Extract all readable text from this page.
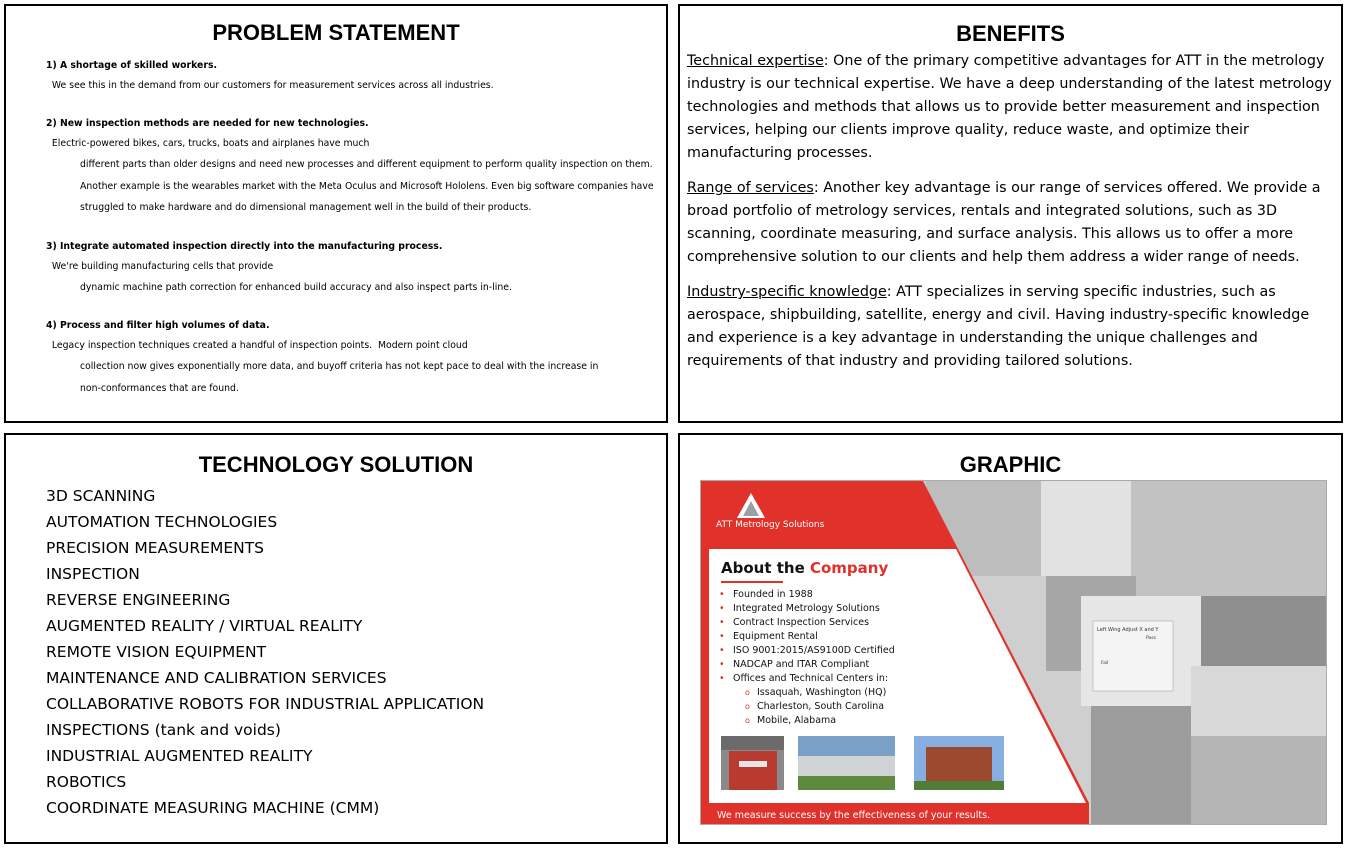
PROBLEM STATEMENT
1) A shortage of skilled workers.  We see this in the demand from our customers for measurement services across all industries.
2) New inspection methods are needed for new technologies.  Electric-powered bikes, cars, trucks, boats and airplanes have much
different parts than older designs and need new processes and different equipment to perform quality inspection on them.
Another example is the wearables market with the Meta Oculus and Microsoft Hololens. Even big software companies have
struggled to make hardware and do dimensional management well in the build of their products.
3) Integrate automated inspection directly into the manufacturing process.  We're building manufacturing cells that provide
dynamic machine path correction for enhanced build accuracy and also inspect parts in-line.
4) Process and filter high volumes of data.  Legacy inspection techniques created a handful of inspection points.  Modern point cloud
collection now gives exponentially more data, and buyoff criteria has not kept pace to deal with the increase in
non-conformances that are found.
BENEFITS

Technical expertise: One of the primary competitive advantages for ATT in the metrology industry is our technical expertise. We have a deep understanding of the latest metrology technologies and methods that allows us to provide better measurement and inspection services, helping our clients improve quality, reduce waste, and optimize their manufacturing processes.

Range of services: Another key advantage is our range of services offered. We provide a broad portfolio of metrology services, rentals and integrated solutions, such as 3D scanning, coordinate measuring, and surface analysis. This allows us to offer a more comprehensive solution to our clients and help them address a wider range of needs.

Industry-specific knowledge: ATT specializes in serving specific industries, such as aerospace, shipbuilding, satellite, energy and civil. Having industry-specific knowledge and experience is a key advantage in understanding the unique challenges and requirements of that industry and providing tailored solutions.

TECHNOLOGY SOLUTION
3D SCANNING
AUTOMATION TECHNOLOGIES
PRECISION MEASUREMENTS
INSPECTION
REVERSE ENGINEERING
AUGMENTED REALITY / VIRTUAL REALITY
REMOTE VISION EQUIPMENT
MAINTENANCE AND CALIBRATION SERVICES
COLLABORATIVE ROBOTS FOR INDUSTRIAL APPLICATION
INSPECTIONS (tank and voids)
INDUSTRIAL AUGMENTED REALITY
ROBOTICS
COORDINATE MEASURING MACHINE (CMM)
GRAPHIC
Left Wing Adjust X and Y
Pass
Fail
ATT Metrology Solutions
About the Company
• Founded in 1988
• Integrated Metrology Solutions
• Contract Inspection Services
• Equipment Rental
• ISO 9001:2015/AS9100D Certified
• NADCAP and ITAR Compliant
• Offices and Technical Centers in:
o Issaquah, Washington (HQ)
o Charleston, South Carolina
o Mobile, Alabama
We measure success by the effectiveness of your results.
